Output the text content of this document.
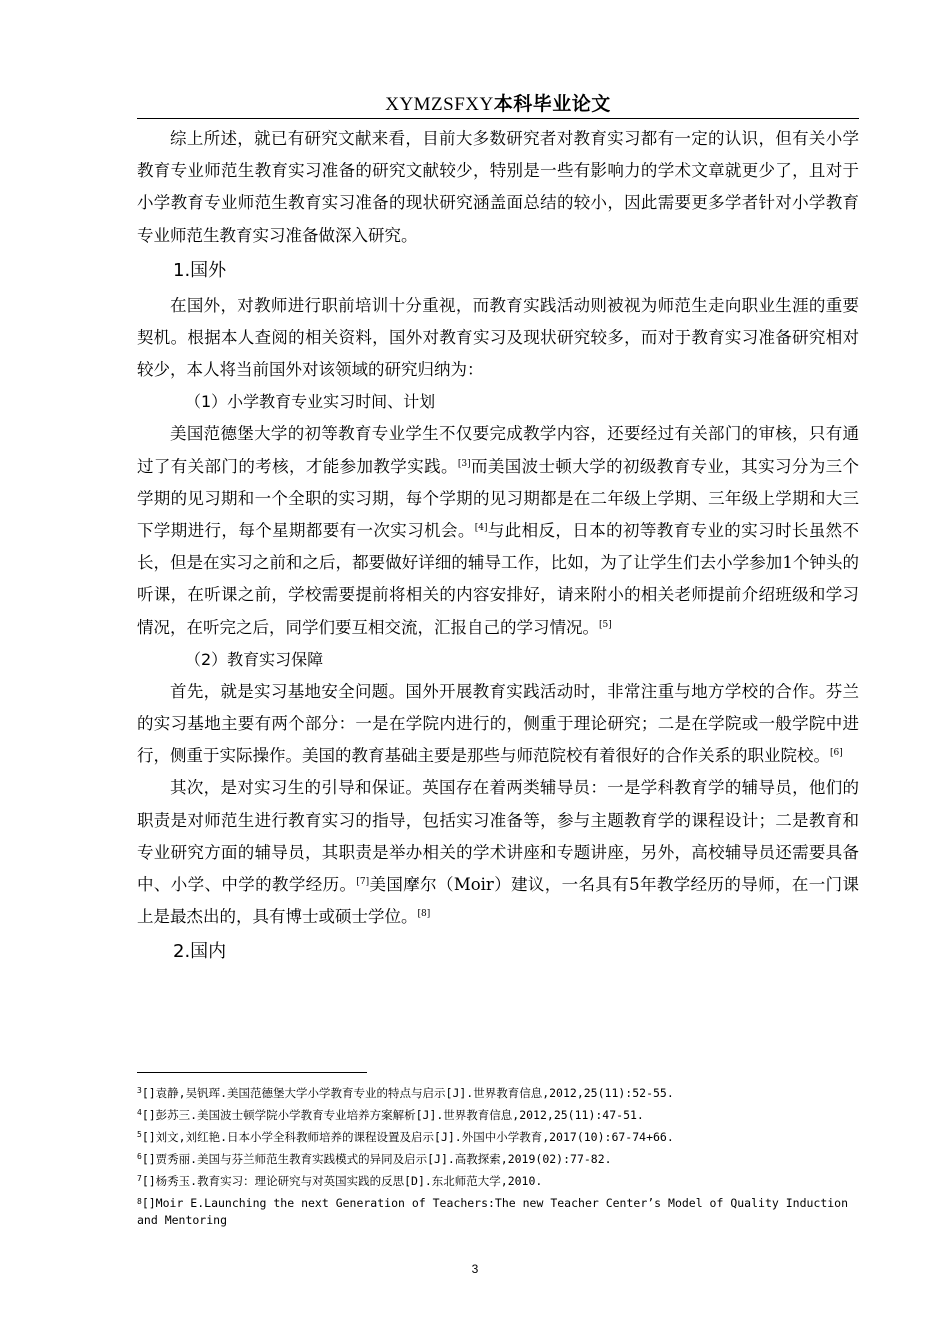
XYMZSFXY本科毕业论文

综上所述，就已有研究文献来看，目前大多数研究者对教育实习都有一定的认识，但有关小学教育专业师范生教育实习准备的研究文献较少，特别是一些有影响力的学术文章就更少了，且对于小学教育专业师范生教育实习准备的现状研究涵盖面总结的较小，因此需要更多学者针对小学教育专业师范生教育实习准备做深入研究。

1.国外

在国外，对教师进行职前培训十分重视，而教育实践活动则被视为师范生走向职业生涯的重要契机。根据本人查阅的相关资料，国外对教育实习及现状研究较多，而对于教育实习准备研究相对较少，本人将当前国外对该领域的研究归纳为：

（1）小学教育专业实习时间、计划

美国范德堡大学的初等教育专业学生不仅要完成教学内容，还要经过有关部门的审核，只有通过了有关部门的考核，才能参加教学实践。[3]而美国波士顿大学的初级教育专业，其实习分为三个学期的见习期和一个全职的实习期，每个学期的见习期都是在二年级上学期、三年级上学期和大三下学期进行，每个星期都要有一次实习机会。[4]与此相反，日本的初等教育专业的实习时长虽然不长，但是在实习之前和之后，都要做好详细的辅导工作，比如，为了让学生们去小学参加1个钟头的听课，在听课之前，学校需要提前将相关的内容安排好，请来附小的相关老师提前介绍班级和学习情况，在听完之后，同学们要互相交流，汇报自己的学习情况。[5]

（2）教育实习保障

首先，就是实习基地安全问题。国外开展教育实践活动时，非常注重与地方学校的合作。芬兰的实习基地主要有两个部分：一是在学院内进行的，侧重于理论研究；二是在学院或一般学院中进行，侧重于实际操作。美国的教育基础主要是那些与师范院校有着很好的合作关系的职业院校。[6]

其次，是对实习生的引导和保证。英国存在着两类辅导员：一是学科教育学的辅导员，他们的职责是对师范生进行教育实习的指导，包括实习准备等，参与主题教育学的课程设计；二是教育和专业研究方面的辅导员，其职责是举办相关的学术讲座和专题讲座，另外，高校辅导员还需要具备中、小学、中学的教学经历。[7]美国摩尔（Moir）建议，一名具有5年教学经历的导师，在一门课上是最杰出的，具有博士或硕士学位。[8]

2.国内

$^3$[]袁静,吴钒珲.美国范德堡大学小学教育专业的特点与启示[J].世界教育信息,2012,25(11):52-55.

$^4$[]彭苏三.美国波士顿学院小学教育专业培养方案解析[J].世界教育信息,2012,25(11):47-51.

$^5$[]刘文,刘红艳.日本小学全科教师培养的课程设置及启示[J].外国中小学教育,2017(10):67-74+66.

$^6$[]贾秀丽.美国与芬兰师范生教育实践模式的异同及启示[J].高教探索,2019(02):77-82.

$^7$[]杨秀玉.教育实习：理论研究与对英国实践的反思[D].东北师范大学,2010.

$^8$[]Moir E.Launching the next Generation of Teachers:The new Teacher Center’s Model of Quality Induction and Mentoring

3
